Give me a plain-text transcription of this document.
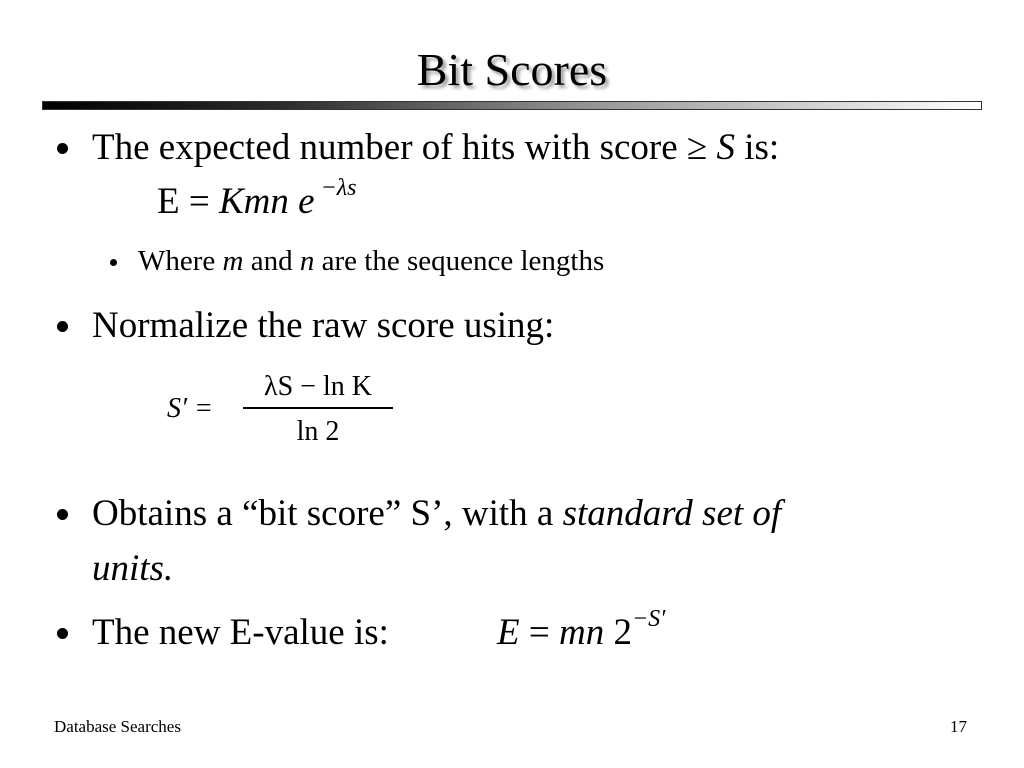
Bit Scores
The expected number of hits with score ≥ S is:
E = Kmn e $^{-\lambda s}$
Where m and n are the sequence lengths
Normalize the raw score using:
S′ =
λS − ln K
ln 2
Obtains a “bit score” S’, with a standard set of
units.
The new E-value is:	E = mn $2^{-S'}$
Database Searches	17
